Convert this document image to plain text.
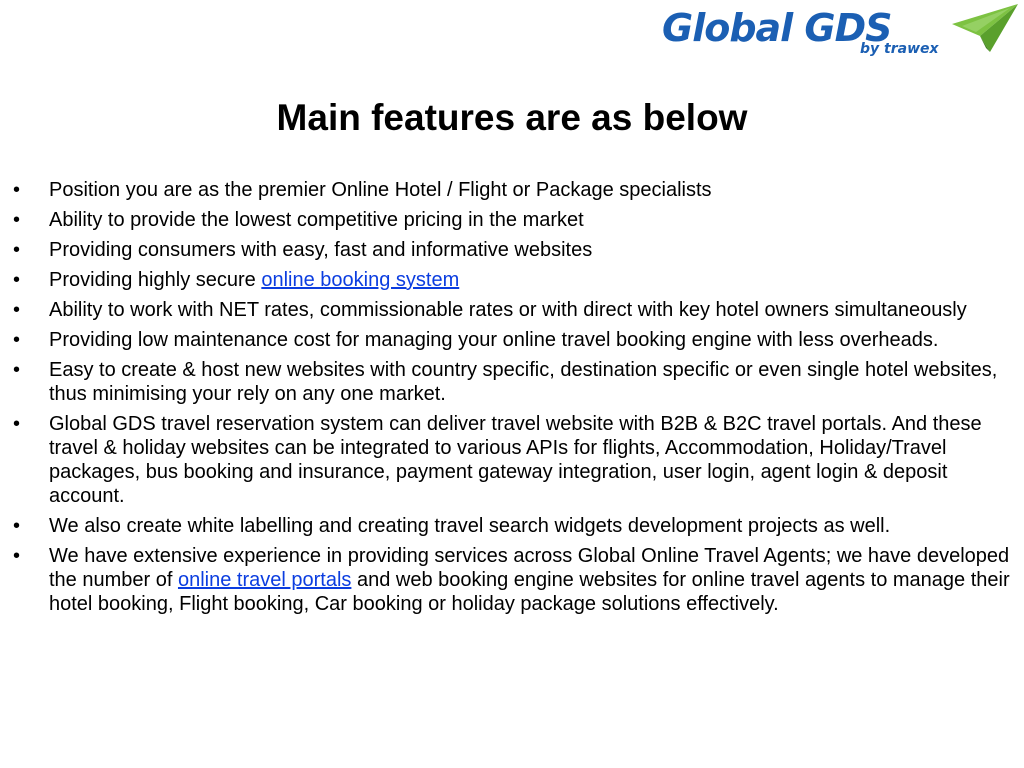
Global GDS
by trawex
Main features are as below
• Position you are as the premier Online Hotel / Flight or Package specialists
• Ability to provide the lowest competitive pricing in the market
• Providing consumers with easy, fast and informative websites
• Providing highly secure online booking system
• Ability to work with NET rates, commissionable rates or with direct with key hotel owners simultaneously
• Providing low maintenance cost for managing your online travel booking engine with less overheads.
• Easy to create & host new websites with country specific, destination specific or even single hotel websites, thus minimising your rely on any one market.
• Global GDS travel reservation system can deliver travel website with B2B & B2C travel portals. And these travel & holiday websites can be integrated to various APIs for flights, Accommodation, Holiday/Travel packages, bus booking and insurance, payment gateway integration, user login, agent login & deposit account.
• We also create white labelling and creating travel search widgets development projects as well.
• We have extensive experience in providing services across Global Online Travel Agents; we have developed the number of online travel portals and web booking engine websites for online travel agents to manage their hotel booking, Flight booking, Car booking or holiday package solutions effectively.
